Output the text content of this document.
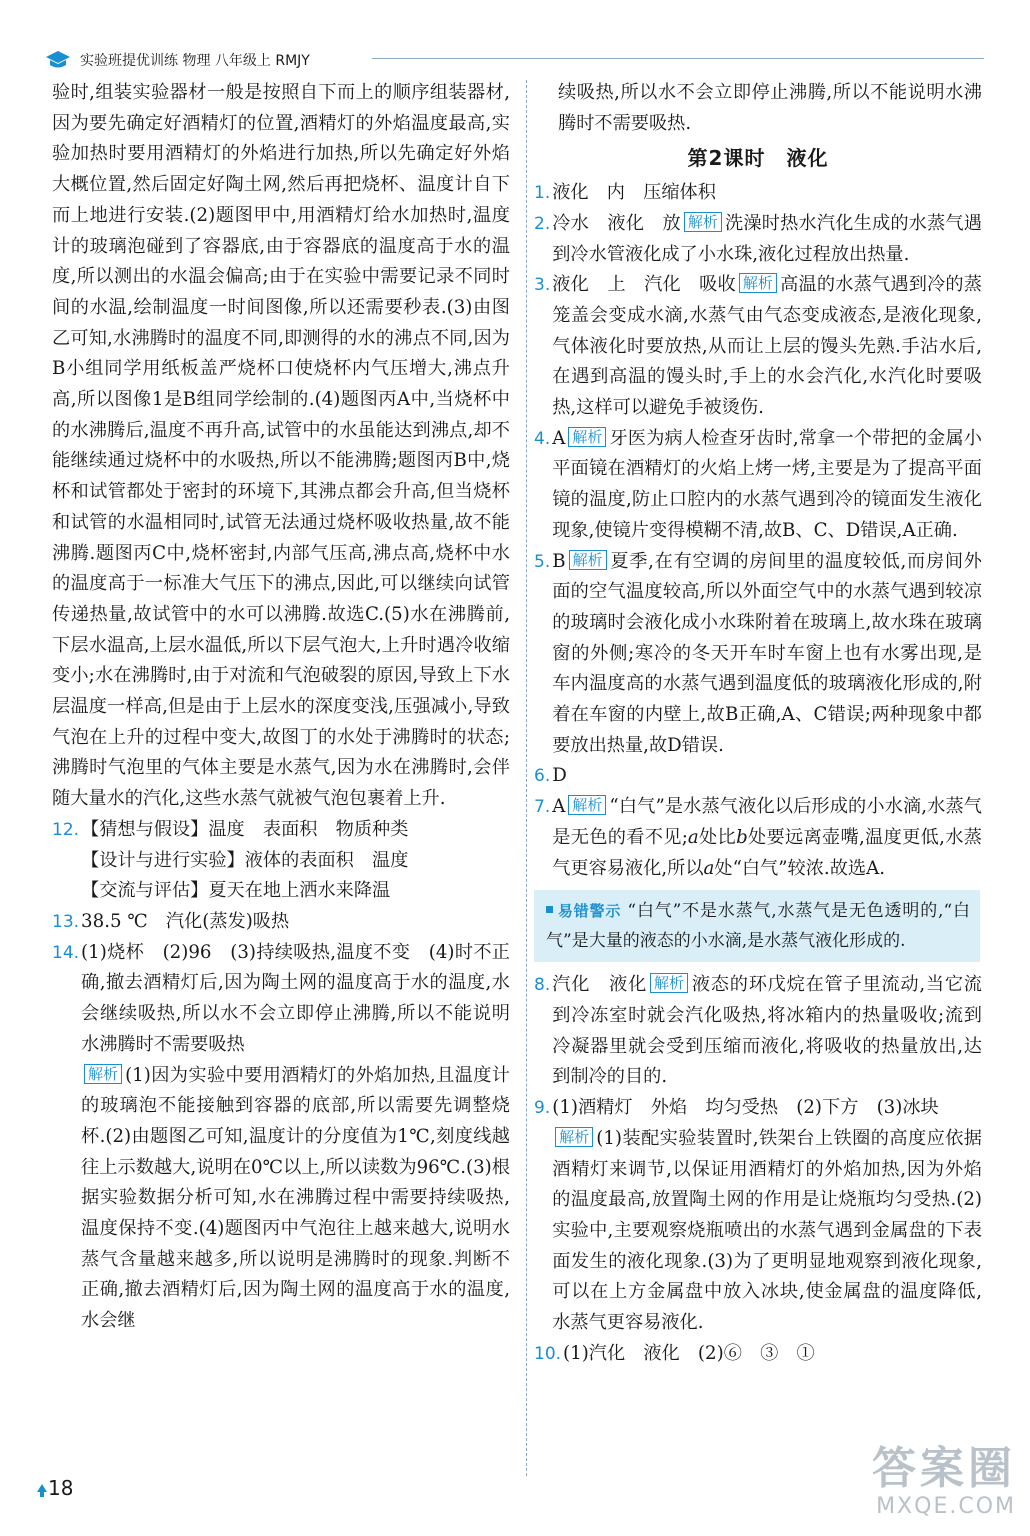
实验班提优训练 物理 八年级上 RMJY

验时,组装实验器材一般是按照自下而上的顺序组装器材,因为要先确定好酒精灯的位置,酒精灯的外焰温度最高,实验加热时要用酒精灯的外焰进行加热,所以先确定好外焰大概位置,然后固定好陶土网,然后再把烧杯、温度计自下而上地进行安装.(2)题图甲中,用酒精灯给水加热时,温度计的玻璃泡碰到了容器底,由于容器底的温度高于水的温度,所以测出的水温会偏高;由于在实验中需要记录不同时间的水温,绘制温度一时间图像,所以还需要秒表.(3)由图乙可知,水沸腾时的温度不同,即测得的水的沸点不同,因为B小组同学用纸板盖严烧杯口使烧杯内气压增大,沸点升高,所以图像1是B组同学绘制的.(4)题图丙A中,当烧杯中的水沸腾后,温度不再升高,试管中的水虽能达到沸点,却不能继续通过烧杯中的水吸热,所以不能沸腾;题图丙B中,烧杯和试管都处于密封的环境下,其沸点都会升高,但当烧杯和试管的水温相同时,试管无法通过烧杯吸收热量,故不能沸腾.题图丙C中,烧杯密封,内部气压高,沸点高,烧杯中水的温度高于一标准大气压下的沸点,因此,可以继续向试管传递热量,故试管中的水可以沸腾.故选C.(5)水在沸腾前,下层水温高,上层水温低,所以下层气泡大,上升时遇冷收缩变小;水在沸腾时,由于对流和气泡破裂的原因,导致上下水层温度一样高,但是由于上层水的深度变浅,压强减小,导致气泡在上升的过程中变大,故图丁的水处于沸腾时的状态;沸腾时气泡里的气体主要是水蒸气,因为水在沸腾时,会伴随大量水的汽化,这些水蒸气就被气泡包裹着上升.

12. 【猜想与假设】温度　表面积　物质种类
【设计与进行实验】液体的表面积　温度
【交流与评估】夏天在地上洒水来降温
13. 38.5 ℃　汽化(蒸发)吸热
14. (1)烧杯　(2)96　(3)持续吸热,温度不变　(4)时不正确,撤去酒精灯后,因为陶土网的温度高于水的温度,水会继续吸热,所以水不会立即停止沸腾,所以不能说明水沸腾时不需要吸热
解析 (1)因为实验中要用酒精灯的外焰加热,且温度计的玻璃泡不能接触到容器的底部,所以需要先调整烧杯.(2)由题图乙可知,温度计的分度值为1℃,刻度线越往上示数越大,说明在0℃以上,所以读数为96℃.(3)根据实验数据分析可知,水在沸腾过程中需要持续吸热,温度保持不变.(4)题图丙中气泡往上越来越大,说明水蒸气含量越来越多,所以说明是沸腾时的现象.判断不正确,撤去酒精灯后,因为陶土网的温度高于水的温度,水会继

续吸热,所以水不会立即停止沸腾,所以不能说明水沸腾时不需要吸热.

第2课时　液化
1. 液化　内　压缩体积
2. 冷水　液化　放 解析 洗澡时热水汽化生成的水蒸气遇到冷水管液化成了小水珠,液化过程放出热量.
3. 液化　上　汽化　吸收 解析 高温的水蒸气遇到冷的蒸笼盖会变成水滴,水蒸气由气态变成液态,是液化现象,气体液化时要放热,从而让上层的馒头先熟.手沾水后,在遇到高温的馒头时,手上的水会汽化,水汽化时要吸热,这样可以避免手被烫伤.
4. A 解析 牙医为病人检查牙齿时,常拿一个带把的金属小平面镜在酒精灯的火焰上烤一烤,主要是为了提高平面镜的温度,防止口腔内的水蒸气遇到冷的镜面发生液化现象,使镜片变得模糊不清,故B、C、D错误,A正确.
5. B 解析 夏季,在有空调的房间里的温度较低,而房间外面的空气温度较高,所以外面空气中的水蒸气遇到较凉的玻璃时会液化成小水珠附着在玻璃上,故水珠在玻璃窗的外侧;寒冷的冬天开车时车窗上也有水雾出现,是车内温度高的水蒸气遇到温度低的玻璃液化形成的,附着在车窗的内壁上,故B正确,A、C错误;两种现象中都要放出热量,故D错误.
6. D
7. A 解析 “白气”是水蒸气液化以后形成的小水滴,水蒸气是无色的看不见;a处比b处要远离壶嘴,温度更低,水蒸气更容易液化,所以a处“白气”较浓.故选A.
易错警示 “白气”不是水蒸气,水蒸气是无色透明的,“白气”是大量的液态的小水滴,是水蒸气液化形成的.
8. 汽化　液化 解析 液态的环戊烷在管子里流动,当它流到冷冻室时就会汽化吸热,将冰箱内的热量吸收;流到冷凝器里就会受到压缩而液化,将吸收的热量放出,达到制冷的目的.
9. (1)酒精灯　外焰　均匀受热　(2)下方　(3)冰块
解析 (1)装配实验装置时,铁架台上铁圈的高度应依据酒精灯来调节,以保证用酒精灯的外焰加热,因为外焰的温度最高,放置陶土网的作用是让烧瓶均匀受热.(2)实验中,主要观察烧瓶喷出的水蒸气遇到金属盘的下表面发生的液化现象.(3)为了更明显地观察到液化现象,可以在上方金属盘中放入冰块,使金属盘的温度降低,水蒸气更容易液化.
10. (1)汽化　液化　(2)⑥　③　①
18	答案圈
MXQE.COM
